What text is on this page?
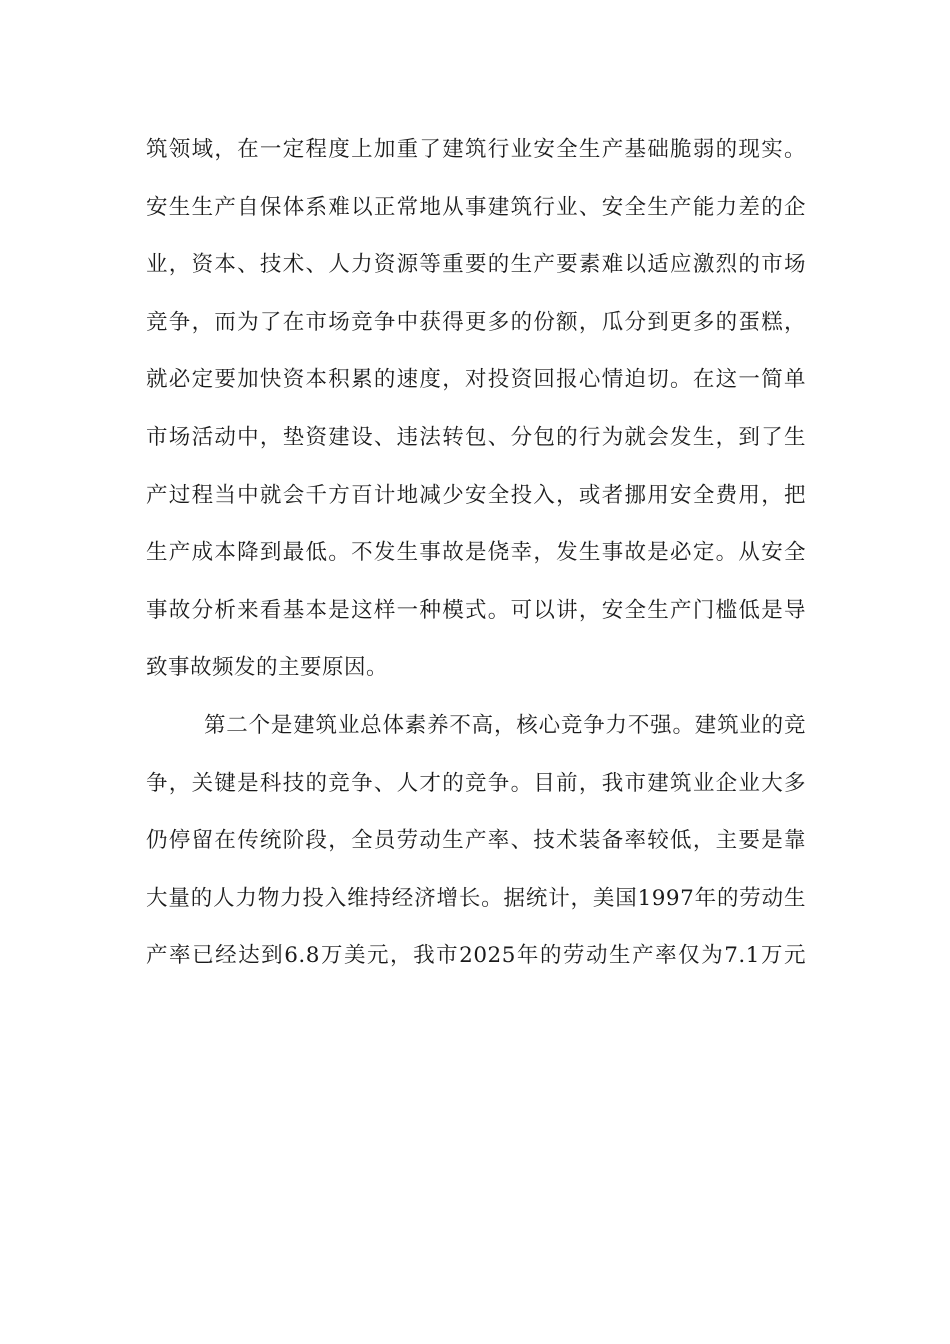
筑领域，在一定程度上加重了建筑行业安全生产基础脆弱的现实。
安生生产自保体系难以正常地从事建筑行业、安全生产能力差的企
业，资本、技术、人力资源等重要的生产要素难以适应激烈的市场
竞争，而为了在市场竞争中获得更多的份额，瓜分到更多的蛋糕，
就必定要加快资本积累的速度，对投资回报心情迫切。在这一简单
市场活动中，垫资建设、违法转包、分包的行为就会发生，到了生
产过程当中就会千方百计地减少安全投入，或者挪用安全费用，把
生产成本降到最低。不发生事故是侥幸，发生事故是必定。从安全
事故分析来看基本是这样一种模式。可以讲，安全生产门槛低是导
致事故频发的主要原因。
第二个是建筑业总体素养不高，核心竞争力不强。建筑业的竞
争，关键是科技的竞争、人才的竞争。目前，我市建筑业企业大多
仍停留在传统阶段，全员劳动生产率、技术装备率较低，主要是靠
大量的人力物力投入维持经济增长。据统计，美国1997年的劳动生
产率已经达到6.8万美元，我市2025年的劳动生产率仅为7.1万元
